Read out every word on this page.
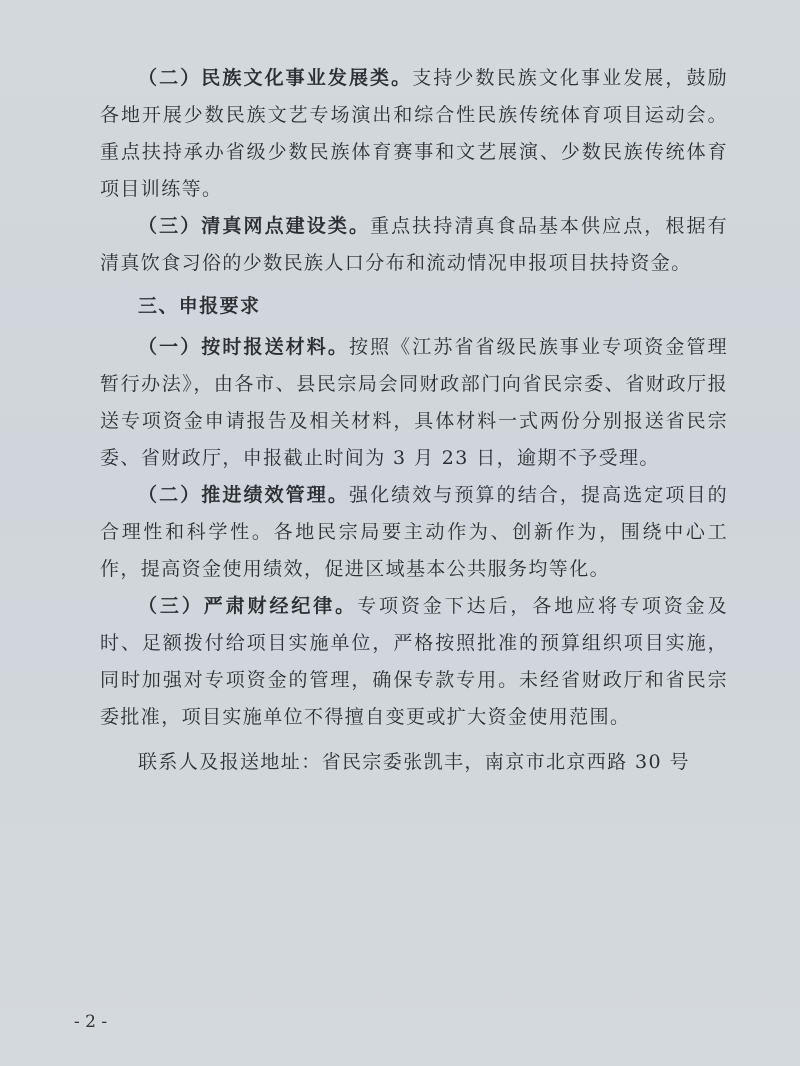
（二）民族文化事业发展类。支持少数民族文化事业发展，鼓励各地开展少数民族文艺专场演出和综合性民族传统体育项目运动会。重点扶持承办省级少数民族体育赛事和文艺展演、少数民族传统体育项目训练等。

（三）清真网点建设类。重点扶持清真食品基本供应点，根据有清真饮食习俗的少数民族人口分布和流动情况申报项目扶持资金。

三、申报要求

（一）按时报送材料。按照《江苏省省级民族事业专项资金管理暂行办法》，由各市、县民宗局会同财政部门向省民宗委、省财政厅报送专项资金申请报告及相关材料，具体材料一式两份分别报送省民宗委、省财政厅，申报截止时间为 3 月 23 日，逾期不予受理。

（二）推进绩效管理。强化绩效与预算的结合，提高选定项目的合理性和科学性。各地民宗局要主动作为、创新作为，围绕中心工作，提高资金使用绩效，促进区域基本公共服务均等化。

（三）严肃财经纪律。专项资金下达后，各地应将专项资金及时、足额拨付给项目实施单位，严格按照批准的预算组织项目实施，同时加强对专项资金的管理，确保专款专用。未经省财政厅和省民宗委批准，项目实施单位不得擅自变更或扩大资金使用范围。

联系人及报送地址：省民宗委张凯丰，南京市北京西路 30 号

- 2 -
